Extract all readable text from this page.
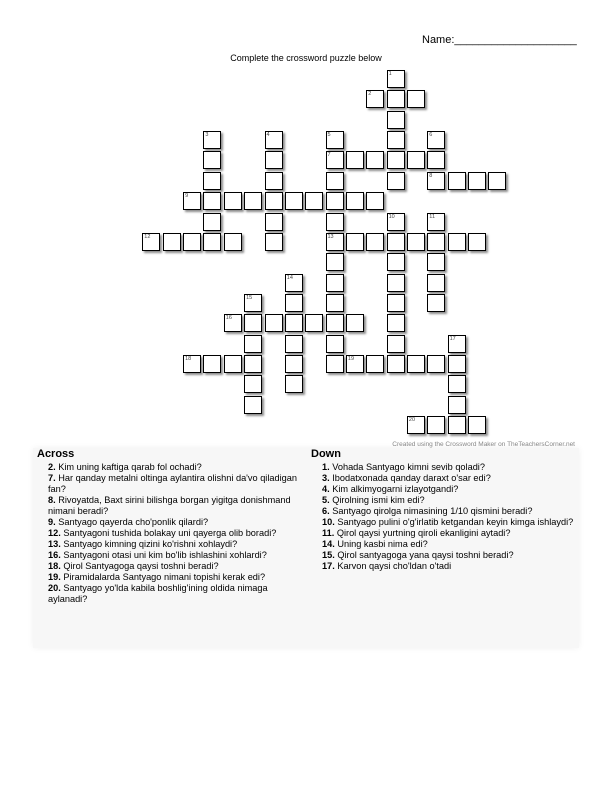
Name:____________________
Complete the crossword puzzle below
1
2
3	4	5
7
13
6
8
9
10	11
12
14
15
16
17
18	19
20
Created using the Crossword Maker on TheTeachersCorner.net
Across
2. Kim uning kaftiga qarab fol ochadi?
7. Har qanday metalni oltinga aylantira olishni da'vo qiladigan fan?
8. Rivoyatda, Baxt sirini bilishga borgan yigitga donishmand nimani beradi?
9. Santyago qayerda cho'ponlik qilardi?
12. Santyagoni tushida bolakay uni qayerga olib boradi?
13. Santyago kimning qizini ko'rishni xohlaydi?
16. Santyagoni otasi uni kim bo'lib ishlashini xohlardi?
18. Qirol Santyagoga qaysi toshni beradi?
19. Piramidalarda Santyago nimani topishi kerak edi?
20. Santyago yo'lda kabila boshlig'ining oldida nimaga aylanadi?
Down
1. Vohada Santyago kimni sevib qoladi?
3. Ibodatxonada qanday daraxt o'sar edi?
4. Kim alkimyogarni izlayotgandi?
5. Qirolning ismi kim edi?
6. Santyago qirolga nimasining 1/10 qismini beradi?
10. Santyago pulini o'g'irlatib ketgandan keyin kimga ishlaydi?
11. Qirol qaysi yurtning qiroli ekanligini aytadi?
14. Uning kasbi nima edi?
15. Qirol santyagoga yana qaysi toshni beradi?
17. Karvon qaysi cho'ldan o'tadi
